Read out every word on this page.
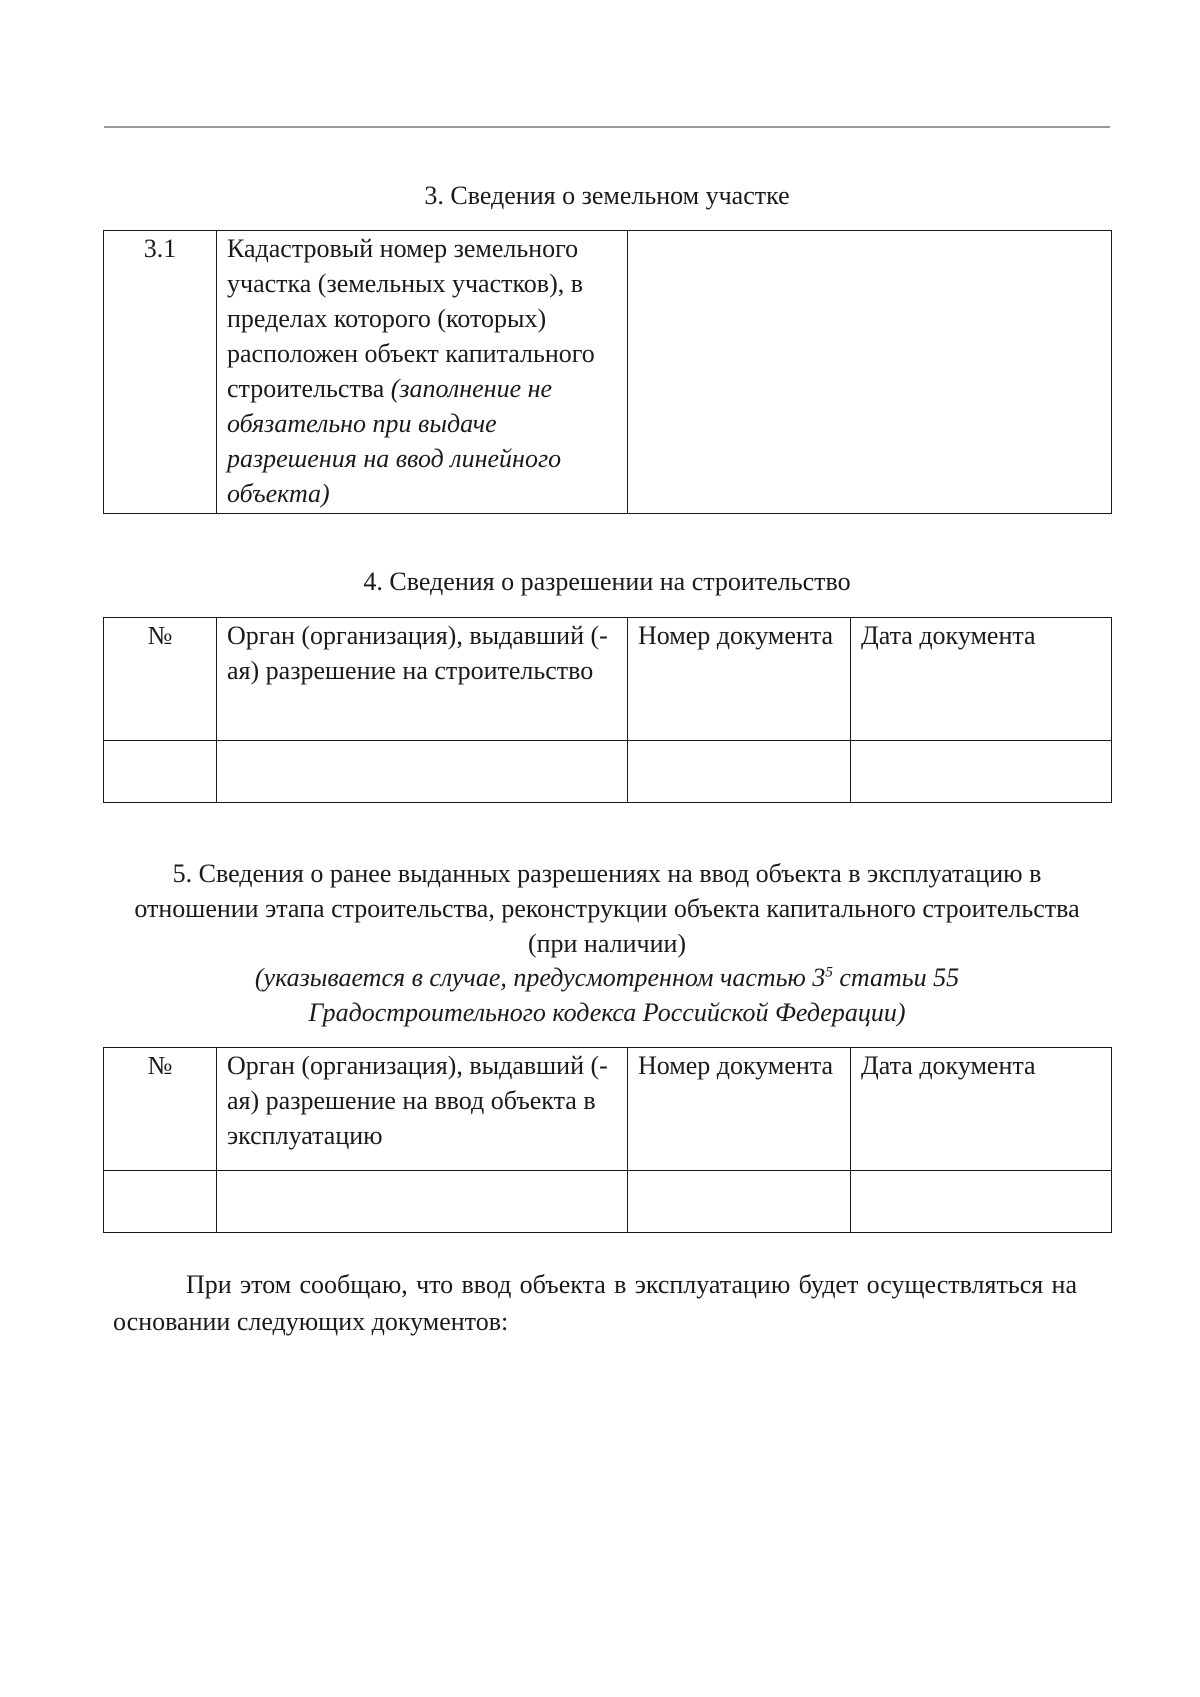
3. Сведения о земельном участке
3.1	Кадастровый номер земельного участка (земельных участков), в пределах которого (которых) расположен объект капитального строительства (заполнение не обязательно при выдаче разрешения на ввод линейного объекта)	
4. Сведения о разрешении на строительство
№	Орган (организация), выдавший (-ая) разрешение на строительство	Номер документа	Дата документа

5. Сведения о ранее выданных разрешениях на ввод объекта в эксплуатацию в отношении этапа строительства, реконструкции объекта капитального строительства (при наличии)
(указывается в случае, предусмотренном частью $3^5$ статьи 55 Градостроительного кодекса Российской Федерации)
№	Орган (организация), выдавший (-ая) разрешение на ввод объекта в эксплуатацию	Номер документа	Дата документа

При этом сообщаю, что ввод объекта в эксплуатацию будет осуществляться на основании следующих документов:
